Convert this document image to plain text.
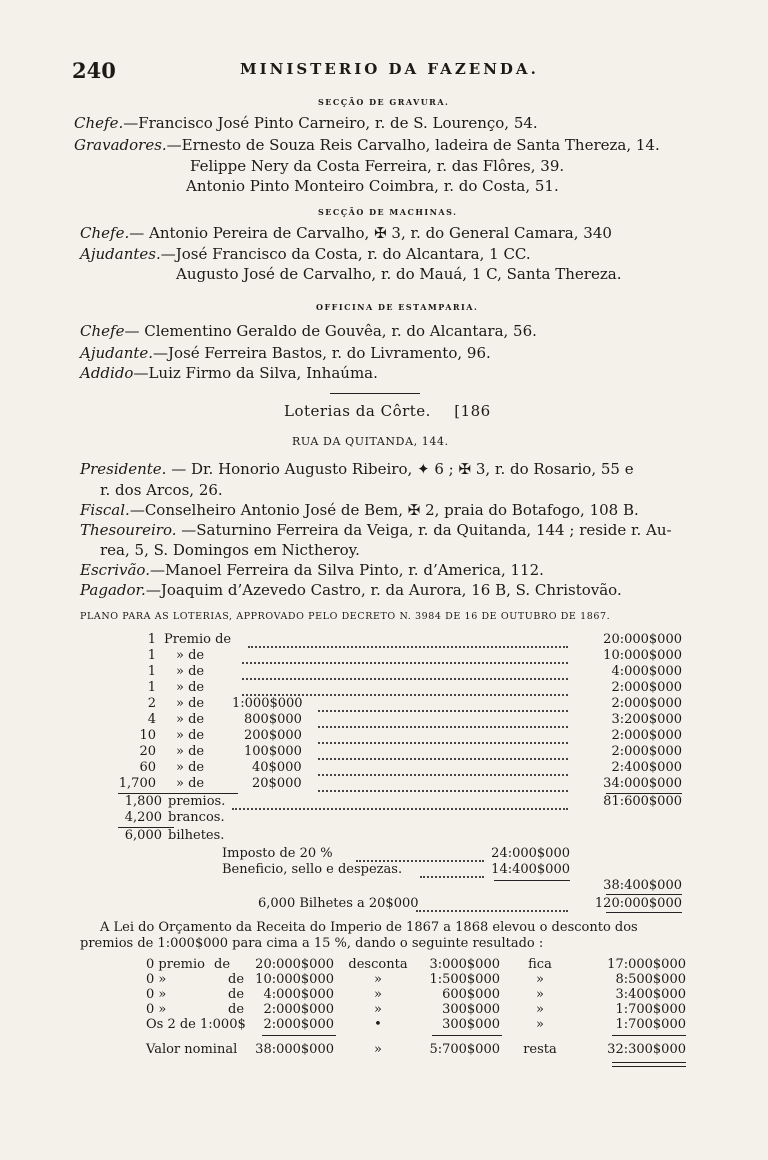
240	MINISTERIO DA FAZENDA.
SECÇÃO DE GRAVURA.
Chefe.—Francisco José Pinto Carneiro, r. de S. Lourenço, 54.
Gravadores.—Ernesto de Souza Reis Carvalho, ladeira de Santa Thereza, 14.
Felippe Nery da Costa Ferreira, r. das Flôres, 39.
Antonio Pinto Monteiro Coimbra, r. do Costa, 51.
SECÇÃO DE MACHINAS.
Chefe.— Antonio Pereira de Carvalho, ✠ 3, r. do General Camara, 340
Ajudantes.—José Francisco da Costa, r. do Alcantara, 1 CC.
Augusto José de Carvalho, r. do Mauá, 1 C, Santa Thereza.
OFFICINA DE ESTAMPARIA.
Chefe— Clementino Geraldo de Gouvêa, r. do Alcantara, 56.
Ajudante.—José Ferreira Bastos, r. do Livramento, 96.
Addido—Luiz Firmo da Silva, Inhaúma.
Loterias da Côrte. [186
RUA DA QUITANDA, 144.
Presidente. — Dr. Honorio Augusto Ribeiro, ✦ 6 ; ✠ 3, r. do Rosario, 55 e
r. dos Arcos, 26.
Fiscal.—Conselheiro Antonio José de Bem, ✠ 2, praia do Botafogo, 108 B.
Thesoureiro. —Saturnino Ferreira da Veiga, r. da Quitanda, 144 ; reside r. Au-
rea, 5, S. Domingos em Nictheroy.
Escrivão.—Manoel Ferreira da Silva Pinto, r. d’America, 112.
Pagador.—Joaquim d’Azevedo Castro, r. da Aurora, 16 B, S. Christovão.
PLANO PARA AS LOTERIAS, APPROVADO PELO DECRETO N. 3984 DE 16 DE OUTUBRO DE 1867.
1 Premio de	20:000$000
1 » de	10:000$000
1 » de	4:000$000
1 » de	2:000$000
2 » de 1:000$000	2:000$000
4 » de	800$000	3:200$000
10 » de	200$000	2:000$000
20 » de	100$000	2:000$000
60 » de	40$000	2:400$000
1,700 » de	20$000	34:000$000
1,800 premios.	81:600$000
4,200 brancos.
6,000 bilhetes.
Imposto de 20 %	24:000$000
Beneficio, sello e despezas.	14:400$000
38:400$000
6,000 Bilhetes a 20$000	120:000$000
A Lei do Orçamento da Receita do Imperio de 1867 a 1868 elevou o desconto dos
premios de 1:000$000 para cima a 15 %, dando o seguinte resultado :
0 premio de	20:000$000	desconta	3:000$000	fica	17:000$000
0 »	de 10:000$000	»	1:500$000	»	8:500$000
0 »	de	4:000$000	»	600$000	»	3:400$000
0 »	de	2:000$000	»	300$000	»	1:700$000
Os 2 de 1:000$	2:000$000	•	300$000	»	1:700$000
Valor nominal	38:000$000	»	5:700$000	resta	32:300$000
